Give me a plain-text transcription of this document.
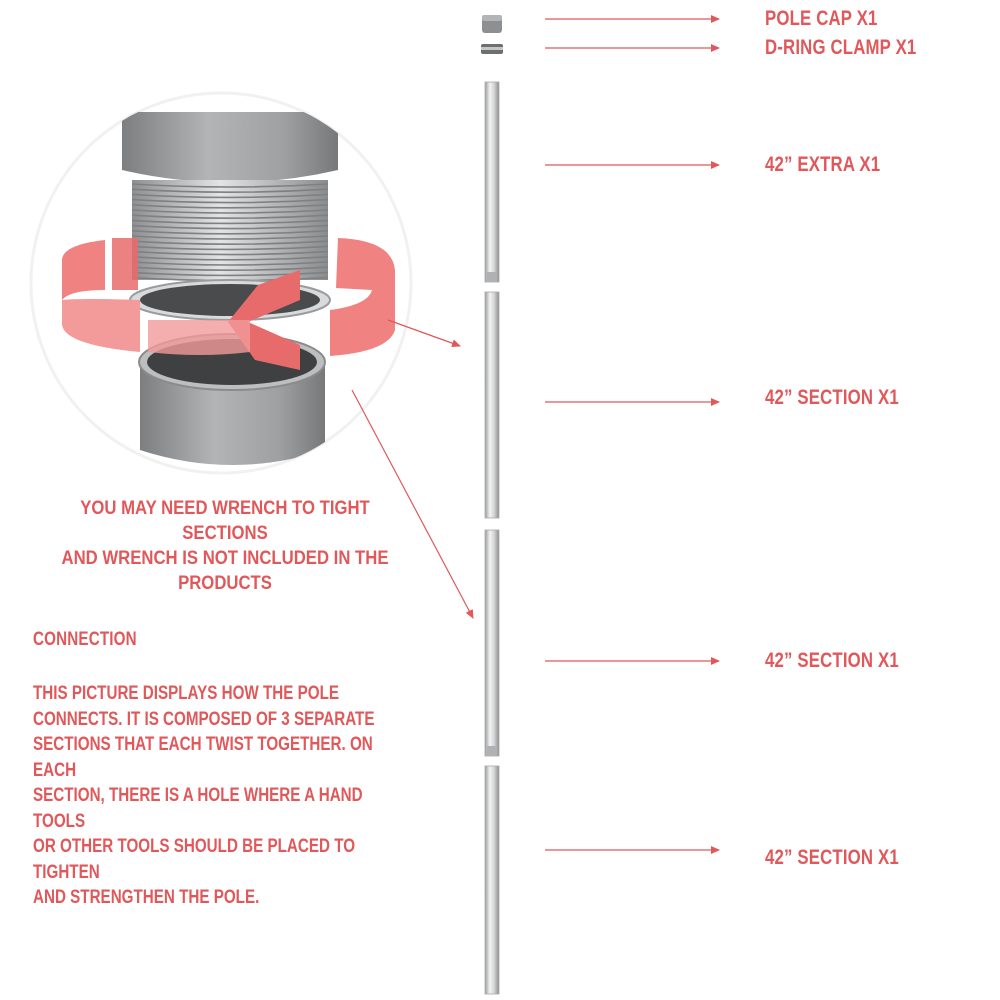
POLE CAP X1
D-RING CLAMP X1
42” EXTRA X1
42” SECTION X1
42” SECTION X1
42” SECTION X1
YOU MAY NEED WRENCH TO TIGHT SECTIONS
AND WRENCH IS NOT INCLUDED IN THE PRODUCTS
CONNECTION
THIS PICTURE DISPLAYS HOW THE POLE
CONNECTS. IT IS COMPOSED OF 3 SEPARATE
SECTIONS THAT EACH TWIST TOGETHER. ON EACH
SECTION, THERE IS A HOLE WHERE A HAND TOOLS
OR OTHER TOOLS SHOULD BE PLACED TO TIGHTEN
AND STRENGTHEN THE POLE.
